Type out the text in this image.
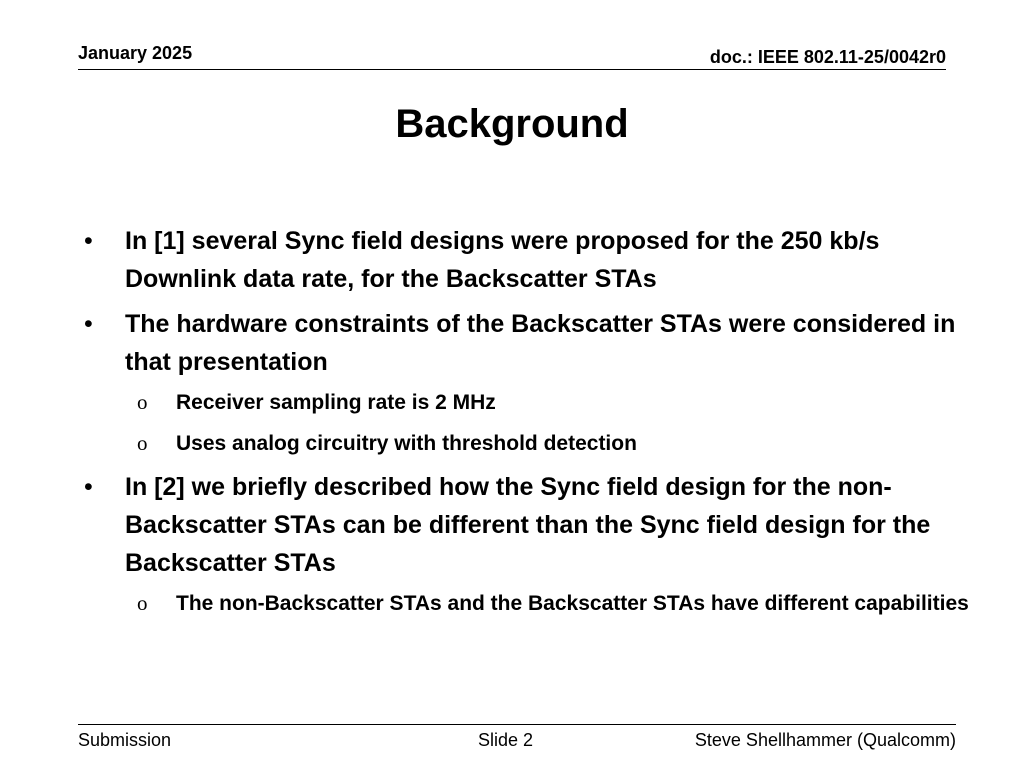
January 2025	doc.: IEEE 802.11-25/0042r0
Background
• In [1] several Sync field designs were proposed for the 250 kb/s Downlink data rate, for the Backscatter STAs
• The hardware constraints of the Backscatter STAs were considered in that presentation
o Receiver sampling rate is 2 MHz
o Uses analog circuitry with threshold detection
• In [2] we briefly described how the Sync field design for the non-Backscatter STAs can be different than the Sync field design for the Backscatter STAs
o The non-Backscatter STAs and the Backscatter STAs have different capabilities
Submission	Slide 2	Steve Shellhammer (Qualcomm)
